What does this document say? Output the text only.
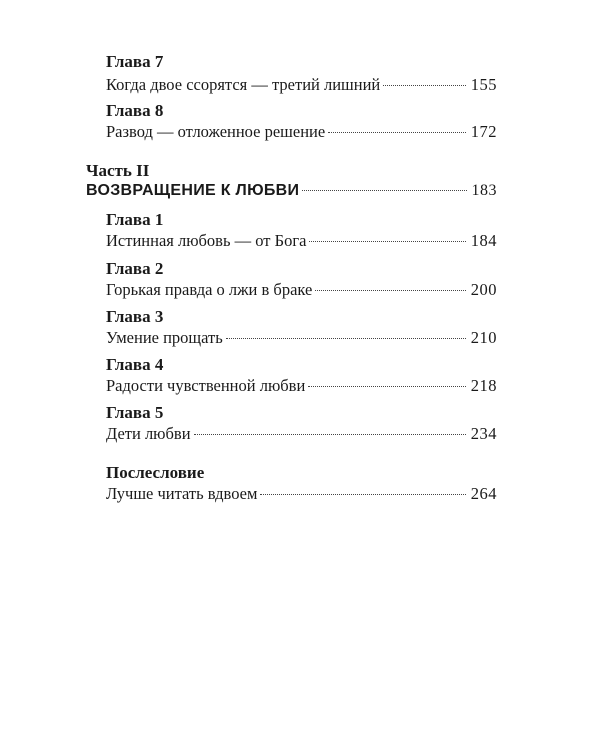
Глава 7
Когда двое ссорятся — третий лишний	155
Глава 8
Развод — отложенное решение	172
Часть II
ВОЗВРАЩЕНИЕ К ЛЮБВИ	183
Глава 1
Истинная любовь — от Бога	184
Глава 2
Горькая правда о лжи в браке	200
Глава 3
Умение прощать	210
Глава 4
Радости чувственной любви	218
Глава 5
Дети любви	234
Послесловие
Лучше читать вдвоем	264
